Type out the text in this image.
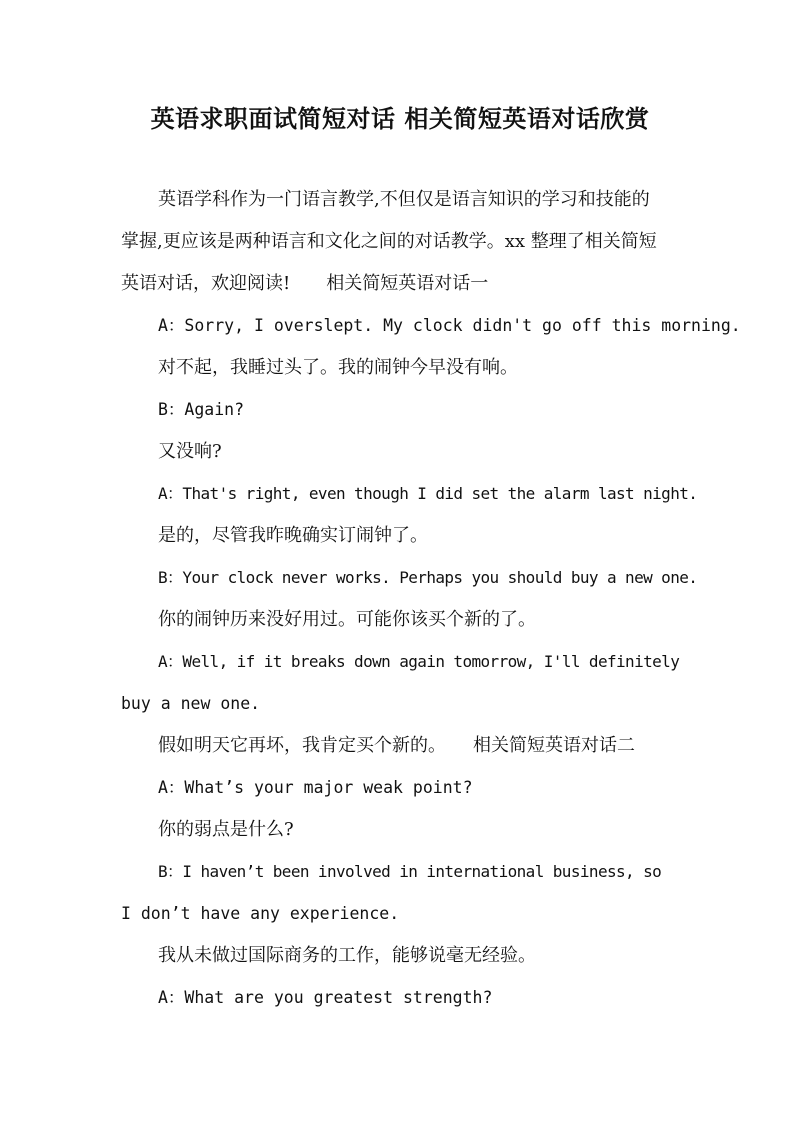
英语求职面试简短对话 相关简短英语对话欣赏
英语学科作为一门语言教学,不但仅是语言知识的学习和技能的
掌握,更应该是两种语言和文化之间的对话教学。xx 整理了相关简短
英语对话，欢迎阅读!　　相关简短英语对话一
A：Sorry, I overslept. My clock didn't go off this morning.
对不起，我睡过头了。我的闹钟今早没有响。
B：Again?
又没响?
A：That's right, even though I did set the alarm last night.
是的，尽管我昨晚确实订闹钟了。
B：Your clock never works. Perhaps you should buy a new one.
你的闹钟历来没好用过。可能你该买个新的了。
A：Well, if it breaks down again tomorrow, I'll definitely
buy a new one.
假如明天它再坏，我肯定买个新的。　　相关简短英语对话二
A：What’s your major weak point?
你的弱点是什么?
B：I haven’t been involved in international business, so
I don’t have any experience.
我从未做过国际商务的工作，能够说毫无经验。
A：What are you greatest strength?
